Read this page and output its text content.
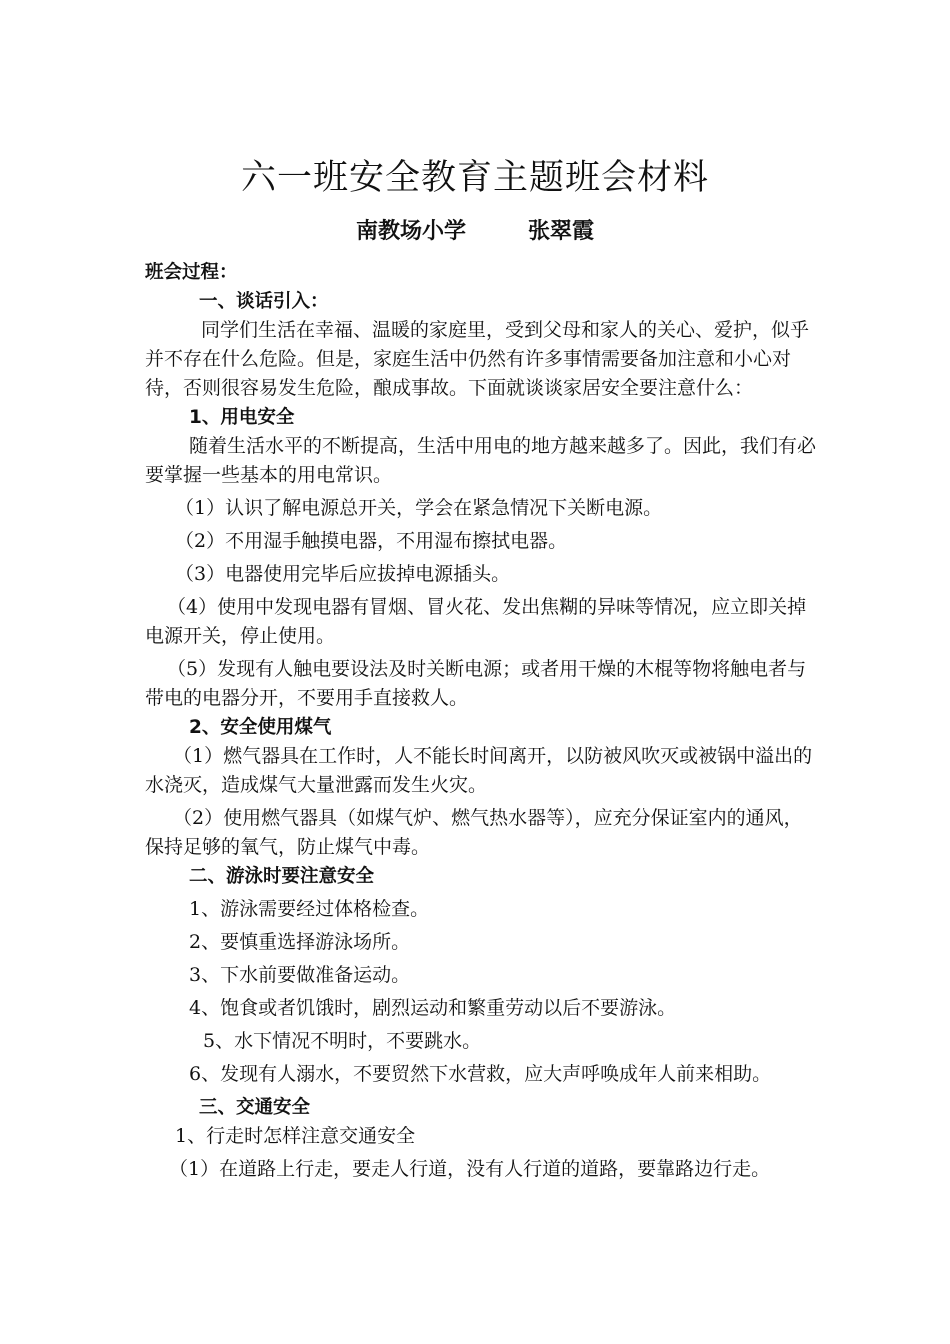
六一班安全教育主题班会材料
南教场小学	张翠霞

班会过程：

一、谈话引入：

同学们生活在幸福、温暖的家庭里，受到父母和家人的关心、爱护，似乎并不存在什么危险。但是，家庭生活中仍然有许多事情需要备加注意和小心对待，否则很容易发生危险，酿成事故。下面就谈谈家居安全要注意什么：

1、用电安全

随着生活水平的不断提高，生活中用电的地方越来越多了。因此，我们有必要掌握一些基本的用电常识。

（1）认识了解电源总开关，学会在紧急情况下关断电源。

（2）不用湿手触摸电器，不用湿布擦拭电器。

（3）电器使用完毕后应拔掉电源插头。

（4）使用中发现电器有冒烟、冒火花、发出焦糊的异味等情况，应立即关掉电源开关，停止使用。

（5）发现有人触电要设法及时关断电源；或者用干燥的木棍等物将触电者与带电的电器分开，不要用手直接救人。

2、安全使用煤气

（1）燃气器具在工作时，人不能长时间离开，以防被风吹灭或被锅中溢出的水浇灭，造成煤气大量泄露而发生火灾。

（2）使用燃气器具（如煤气炉、燃气热水器等），应充分保证室内的通风，保持足够的氧气，防止煤气中毒。

二、游泳时要注意安全

1、游泳需要经过体格检查。

2、要慎重选择游泳场所。

3、下水前要做准备运动。

4、饱食或者饥饿时，剧烈运动和繁重劳动以后不要游泳。

5、水下情况不明时，不要跳水。

6、发现有人溺水，不要贸然下水营救，应大声呼唤成年人前来相助。

三、交通安全

1、行走时怎样注意交通安全

（1）在道路上行走，要走人行道，没有人行道的道路，要靠路边行走。
